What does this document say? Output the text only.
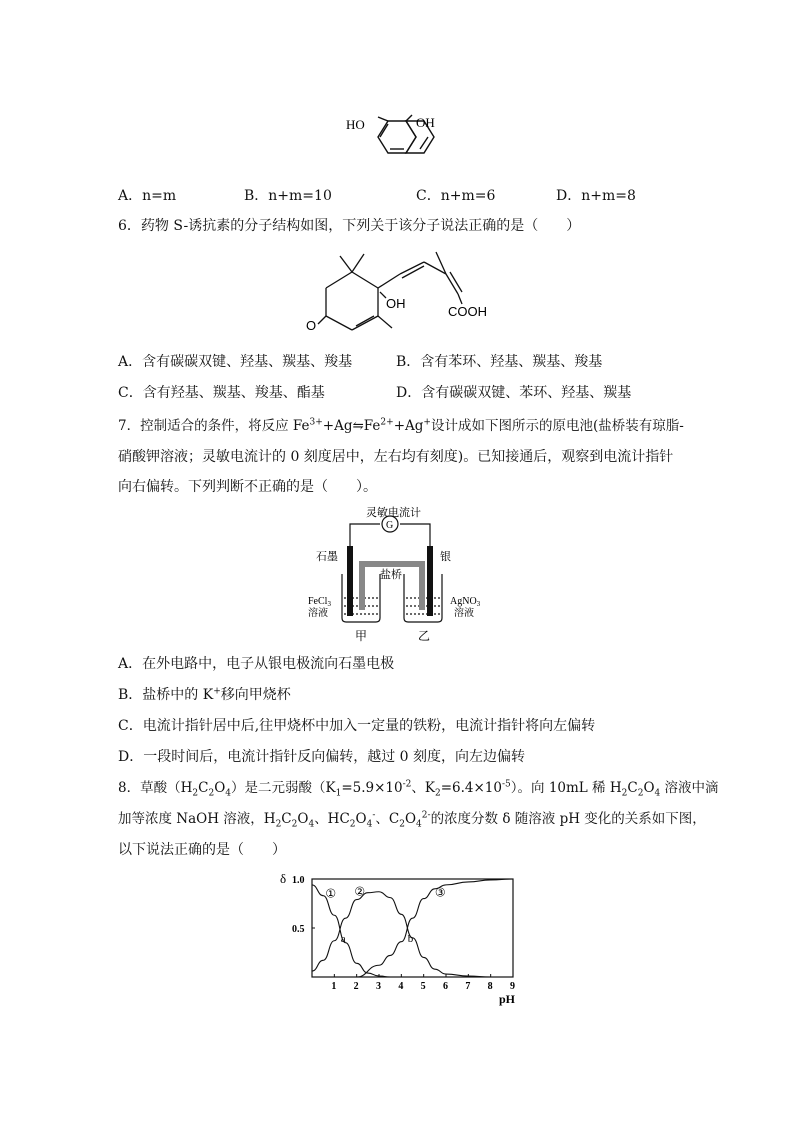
HO	OH
A．n=m	B．n+m=10	C．n+m=6	D．n+m=8
6．药物 S-诱抗素的分子结构如图，下列关于该分子说法正确的是（　　）
OH
O
COOH
A．含有碳碳双键、羟基、羰基、羧基	B．含有苯环、羟基、羰基、羧基
C．含有羟基、羰基、羧基、酯基	D．含有碳碳双键、苯环、羟基、羰基
7．控制适合的条件，将反应 $Fe^{3+}+Ag⇋Fe^{2+}+Ag^+$设计成如下图所示的原电池(盐桥装有琼脂-
硝酸钾溶液；灵敏电流计的 0 刻度居中，左右均有刻度)。已知接通后，观察到电流计指针
向右偏转。下列判断不正确的是（　　）。
灵敏电流计
G
石墨	银
盐桥
FeCl$_3$
溶液
AgNO$_3$
溶液
甲	乙
A．在外电路中，电子从银电极流向石墨电极
B．盐桥中的 K+移向甲烧杯
C．电流计指针居中后,往甲烧杯中加入一定量的铁粉，电流计指针将向左偏转
D．一段时间后，电流计指针反向偏转，越过 0 刻度，向左边偏转
8．草酸$(H_2C_2O_4)$是二元弱酸（$K_1=5.9\times 10^{-2}$、$K_2=6.4\times 10^{-5}$）。向 10mL 稀 $H_2C_2O_4$ 溶液中滴
加等浓度 NaOH 溶液，$H_2C_2O_4$、$HC_2O_4^-$、$C_2O_4^{2-}$的浓度分数 δ 随溶液 pH 变化的关系如下图，
以下说法正确的是（　　）
1 2 3 4 5 6 7 8 9
0.5
1.0
δ
pH
① ②	③
a	b
